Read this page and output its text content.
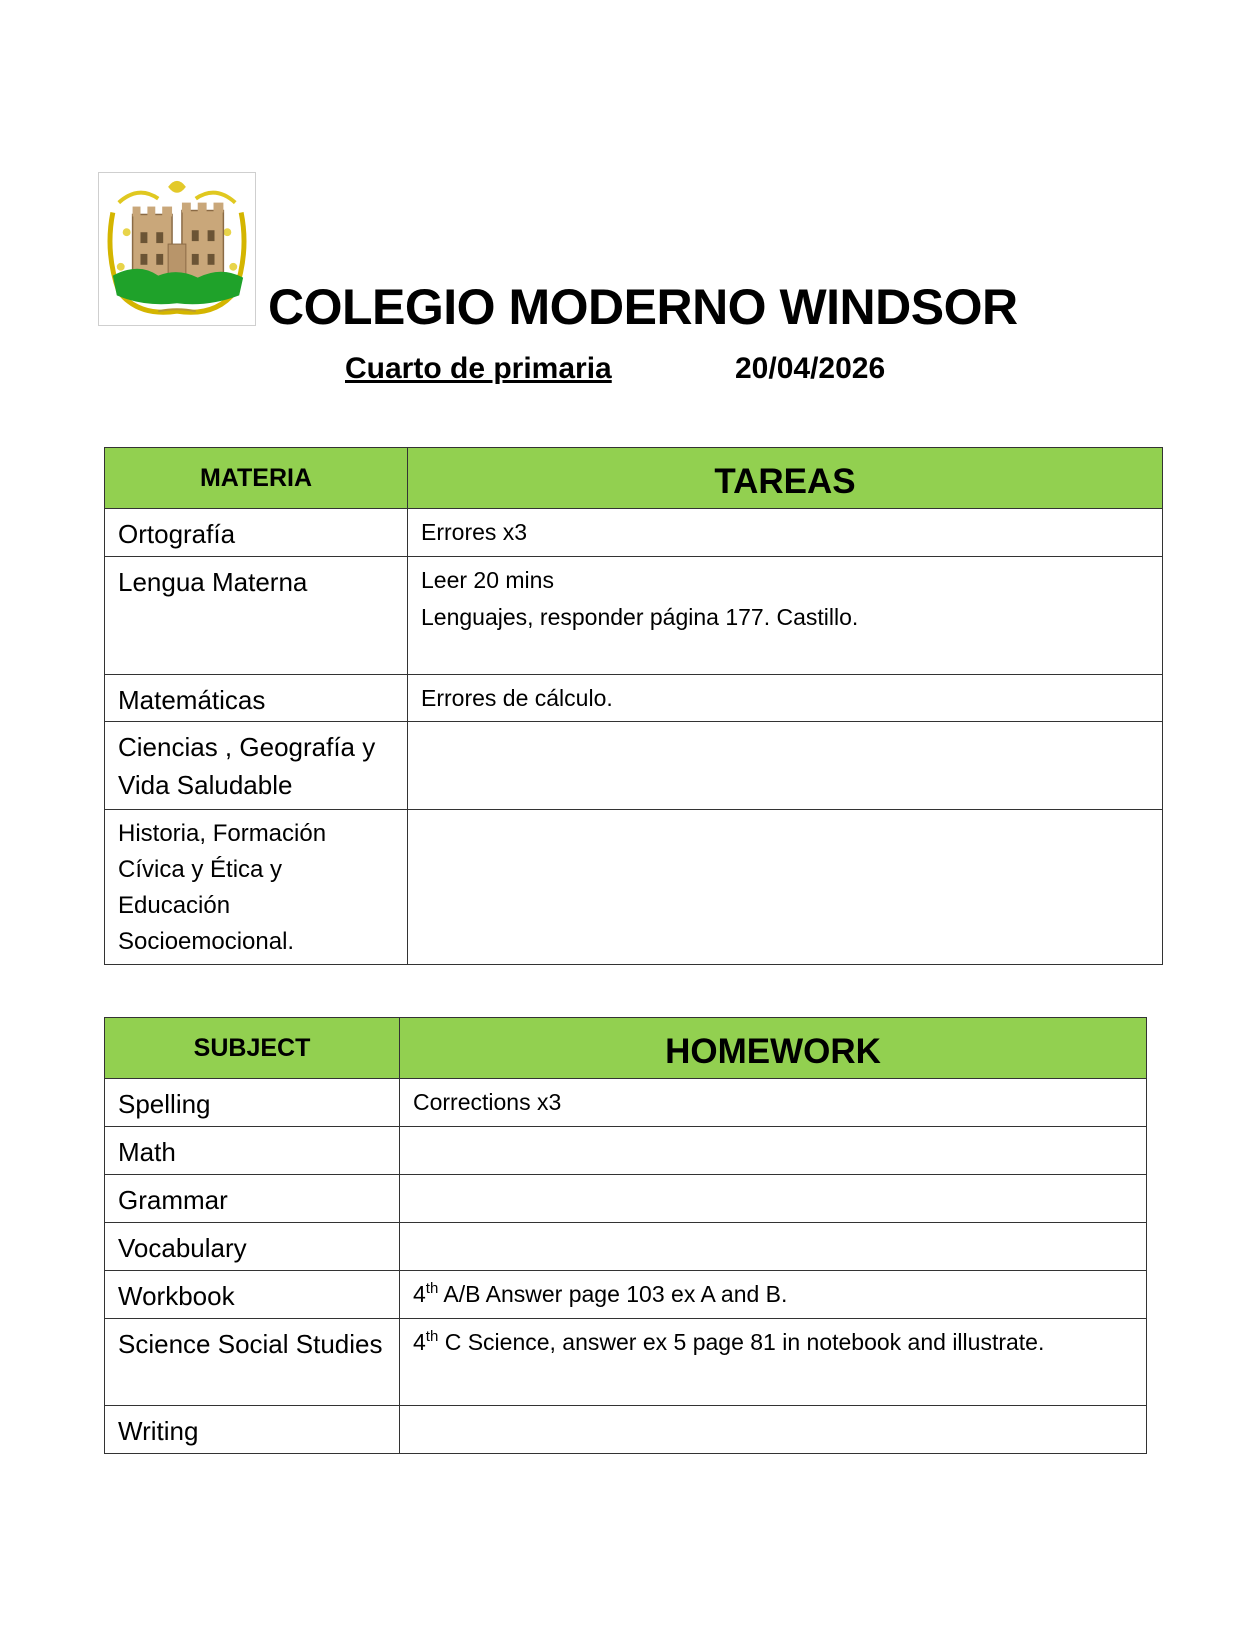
COLEGIO MODERNO WINDSOR
Cuarto de primaria	20/04/2026
MATERIA	TAREAS
Ortografía	Errores x3

Lengua Materna	Leer 20 mins
Lenguajes, responder página 177. Castillo.

Matemáticas	Errores de cálculo.

Ciencias , Geografía y Vida Saludable	

Historia, Formación Cívica y Ética y Educación Socioemocional.	
SUBJECT	HOMEWORK
Spelling	Corrections x3
Math	
Grammar	
Vocabulary	
Workbook	4th A/B Answer page 103 ex A and B.
Science Social Studies	4th C Science, answer ex 5 page 81 in notebook and illustrate.
Writing	
